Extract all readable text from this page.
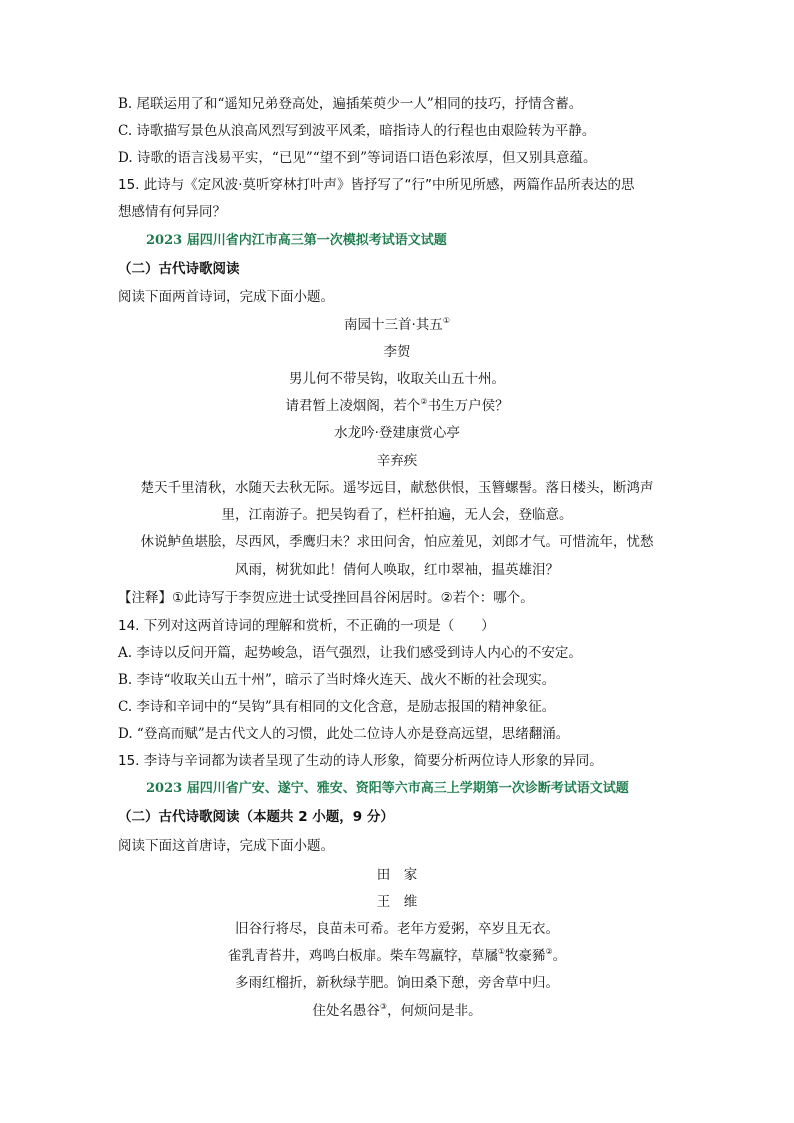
B. 尾联运用了和“遥知兄弟登高处，遍插茱萸少一人”相同的技巧，抒情含蓄。
C. 诗歌描写景色从浪高风烈写到波平风柔，暗指诗人的行程也由艰险转为平静。
D. 诗歌的语言浅易平实，“已见”“望不到”等词语口语色彩浓厚，但又别具意蕴。
15. 此诗与《定风波·莫听穿林打叶声》皆抒写了“行”中所见所感，两篇作品所表达的思
想感情有何异同？
2023 届四川省内江市高三第一次模拟考试语文试题
（二）古代诗歌阅读
阅读下面两首诗词，完成下面小题。
南园十三首·其五①
李贺
男儿何不带吴钩，收取关山五十州。
请君暂上凌烟阁，若个②书生万户侯？
水龙吟·登建康赏心亭
辛弃疾
楚天千里清秋，水随天去秋无际。遥岑远目，献愁供恨，玉簪螺髻。落日楼头，断鸿声
里，江南游子。把吴钩看了，栏杆拍遍，无人会，登临意。
休说鲈鱼堪脍，尽西风，季鹰归未？求田问舍，怕应羞见，刘郎才气。可惜流年，忧愁
风雨，树犹如此！倩何人唤取，红巾翠袖，揾英雄泪？
【注释】①此诗写于李贺应进士试受挫回昌谷闲居时。②若个：哪个。
14. 下列对这两首诗词的理解和赏析，不正确的一项是（　　）
A. 李诗以反问开篇，起势峻急，语气强烈，让我们感受到诗人内心的不安定。
B. 李诗“收取关山五十州”，暗示了当时烽火连天、战火不断的社会现实。
C. 李诗和辛词中的“吴钩”具有相同的文化含意，是励志报国的精神象征。
D. “登高而赋”是古代文人的习惯，此处二位诗人亦是登高远望，思绪翻涌。
15. 李诗与辛词都为读者呈现了生动的诗人形象，简要分析两位诗人形象的异同。
2023 届四川省广安、遂宁、雅安、资阳等六市高三上学期第一次诊断考试语文试题
（二）古代诗歌阅读（本题共 2 小题，9 分）
阅读下面这首唐诗，完成下面小题。
田　家
王　维
旧谷行将尽，良苗未可希。老年方爱粥，卒岁且无衣。
雀乳青苔井，鸡鸣白板扉。柴车驾羸牸，草屩①牧豪豨②。
多雨红榴折，新秋绿芋肥。饷田桑下憩，旁舍草中归。
住处名愚谷③，何烦问是非。
